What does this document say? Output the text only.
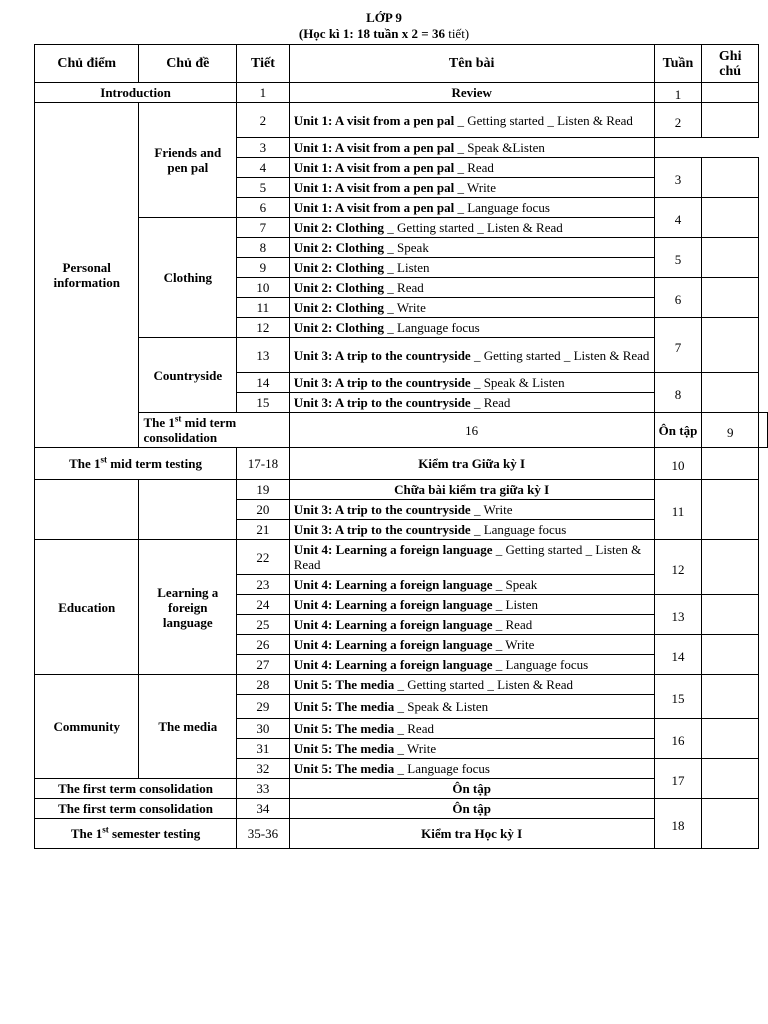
LỚP 9
(Học kì 1: 18 tuần x 2 = 36 tiết)
Chủ điểm	Chủ đề	Tiết	Tên bài	Tuần	Ghi chú	
Introduction		1	Review	1		
Personal information	Friends and pen pal	2	Unit 1: A visit from a pen pal _ Getting started _ Listen & Read	2		
		3	Unit 1: A visit from a pen pal _ Speak &Listen			
		4	Unit 1: A visit from a pen pal _ Read	3		
		5	Unit 1: A visit from a pen pal _ Write			
		6	Unit 1: A visit from a pen pal _ Language focus	4		
	Clothing	7	Unit 2: Clothing _ Getting started _ Listen & Read			
		8	Unit 2: Clothing _ Speak	5		
		9	Unit 2: Clothing _ Listen			
		10	Unit 2: Clothing _ Read	6		
		11	Unit 2: Clothing _ Write			
		12	Unit 2: Clothing _ Language focus	7		
	Countryside	13	Unit 3: A trip to the countryside _ Getting started _ Listen & Read			
		14	Unit 3: A trip to the countryside _ Speak & Listen	8		
		15	Unit 3: A trip to the countryside _ Read			
	The 1st mid term consolidation		16	Ôn tập	9	
The 1st mid term testing		17-18	Kiểm tra Giữa kỳ I	10		
		19	Chữa bài kiểm tra giữa kỳ I	11		
		20	Unit 3: A trip to the countryside _ Write			
		21	Unit 3: A trip to the countryside _ Language focus			
Education	Learning a foreign language	22	Unit 4: Learning a foreign language _ Getting started _ Listen & Read	12		
		23	Unit 4: Learning a foreign language _ Speak			
		24	Unit 4: Learning a foreign language _ Listen	13		
		25	Unit 4: Learning a foreign language _ Read			
		26	Unit 4: Learning a foreign language _ Write	14		
		27	Unit 4: Learning a foreign language _ Language focus			
Community	The media	28	Unit 5: The media _ Getting started _ Listen & Read	15		
		29	Unit 5: The media _ Speak & Listen			
		30	Unit 5: The media _ Read	16		
		31	Unit 5: The media _ Write			
		32	Unit 5: The media _ Language focus	17		
The first term consolidation		33	Ôn tập			
The first term consolidation		34	Ôn tập	18		
The 1st semester testing		35-36	Kiểm tra Học kỳ I			
